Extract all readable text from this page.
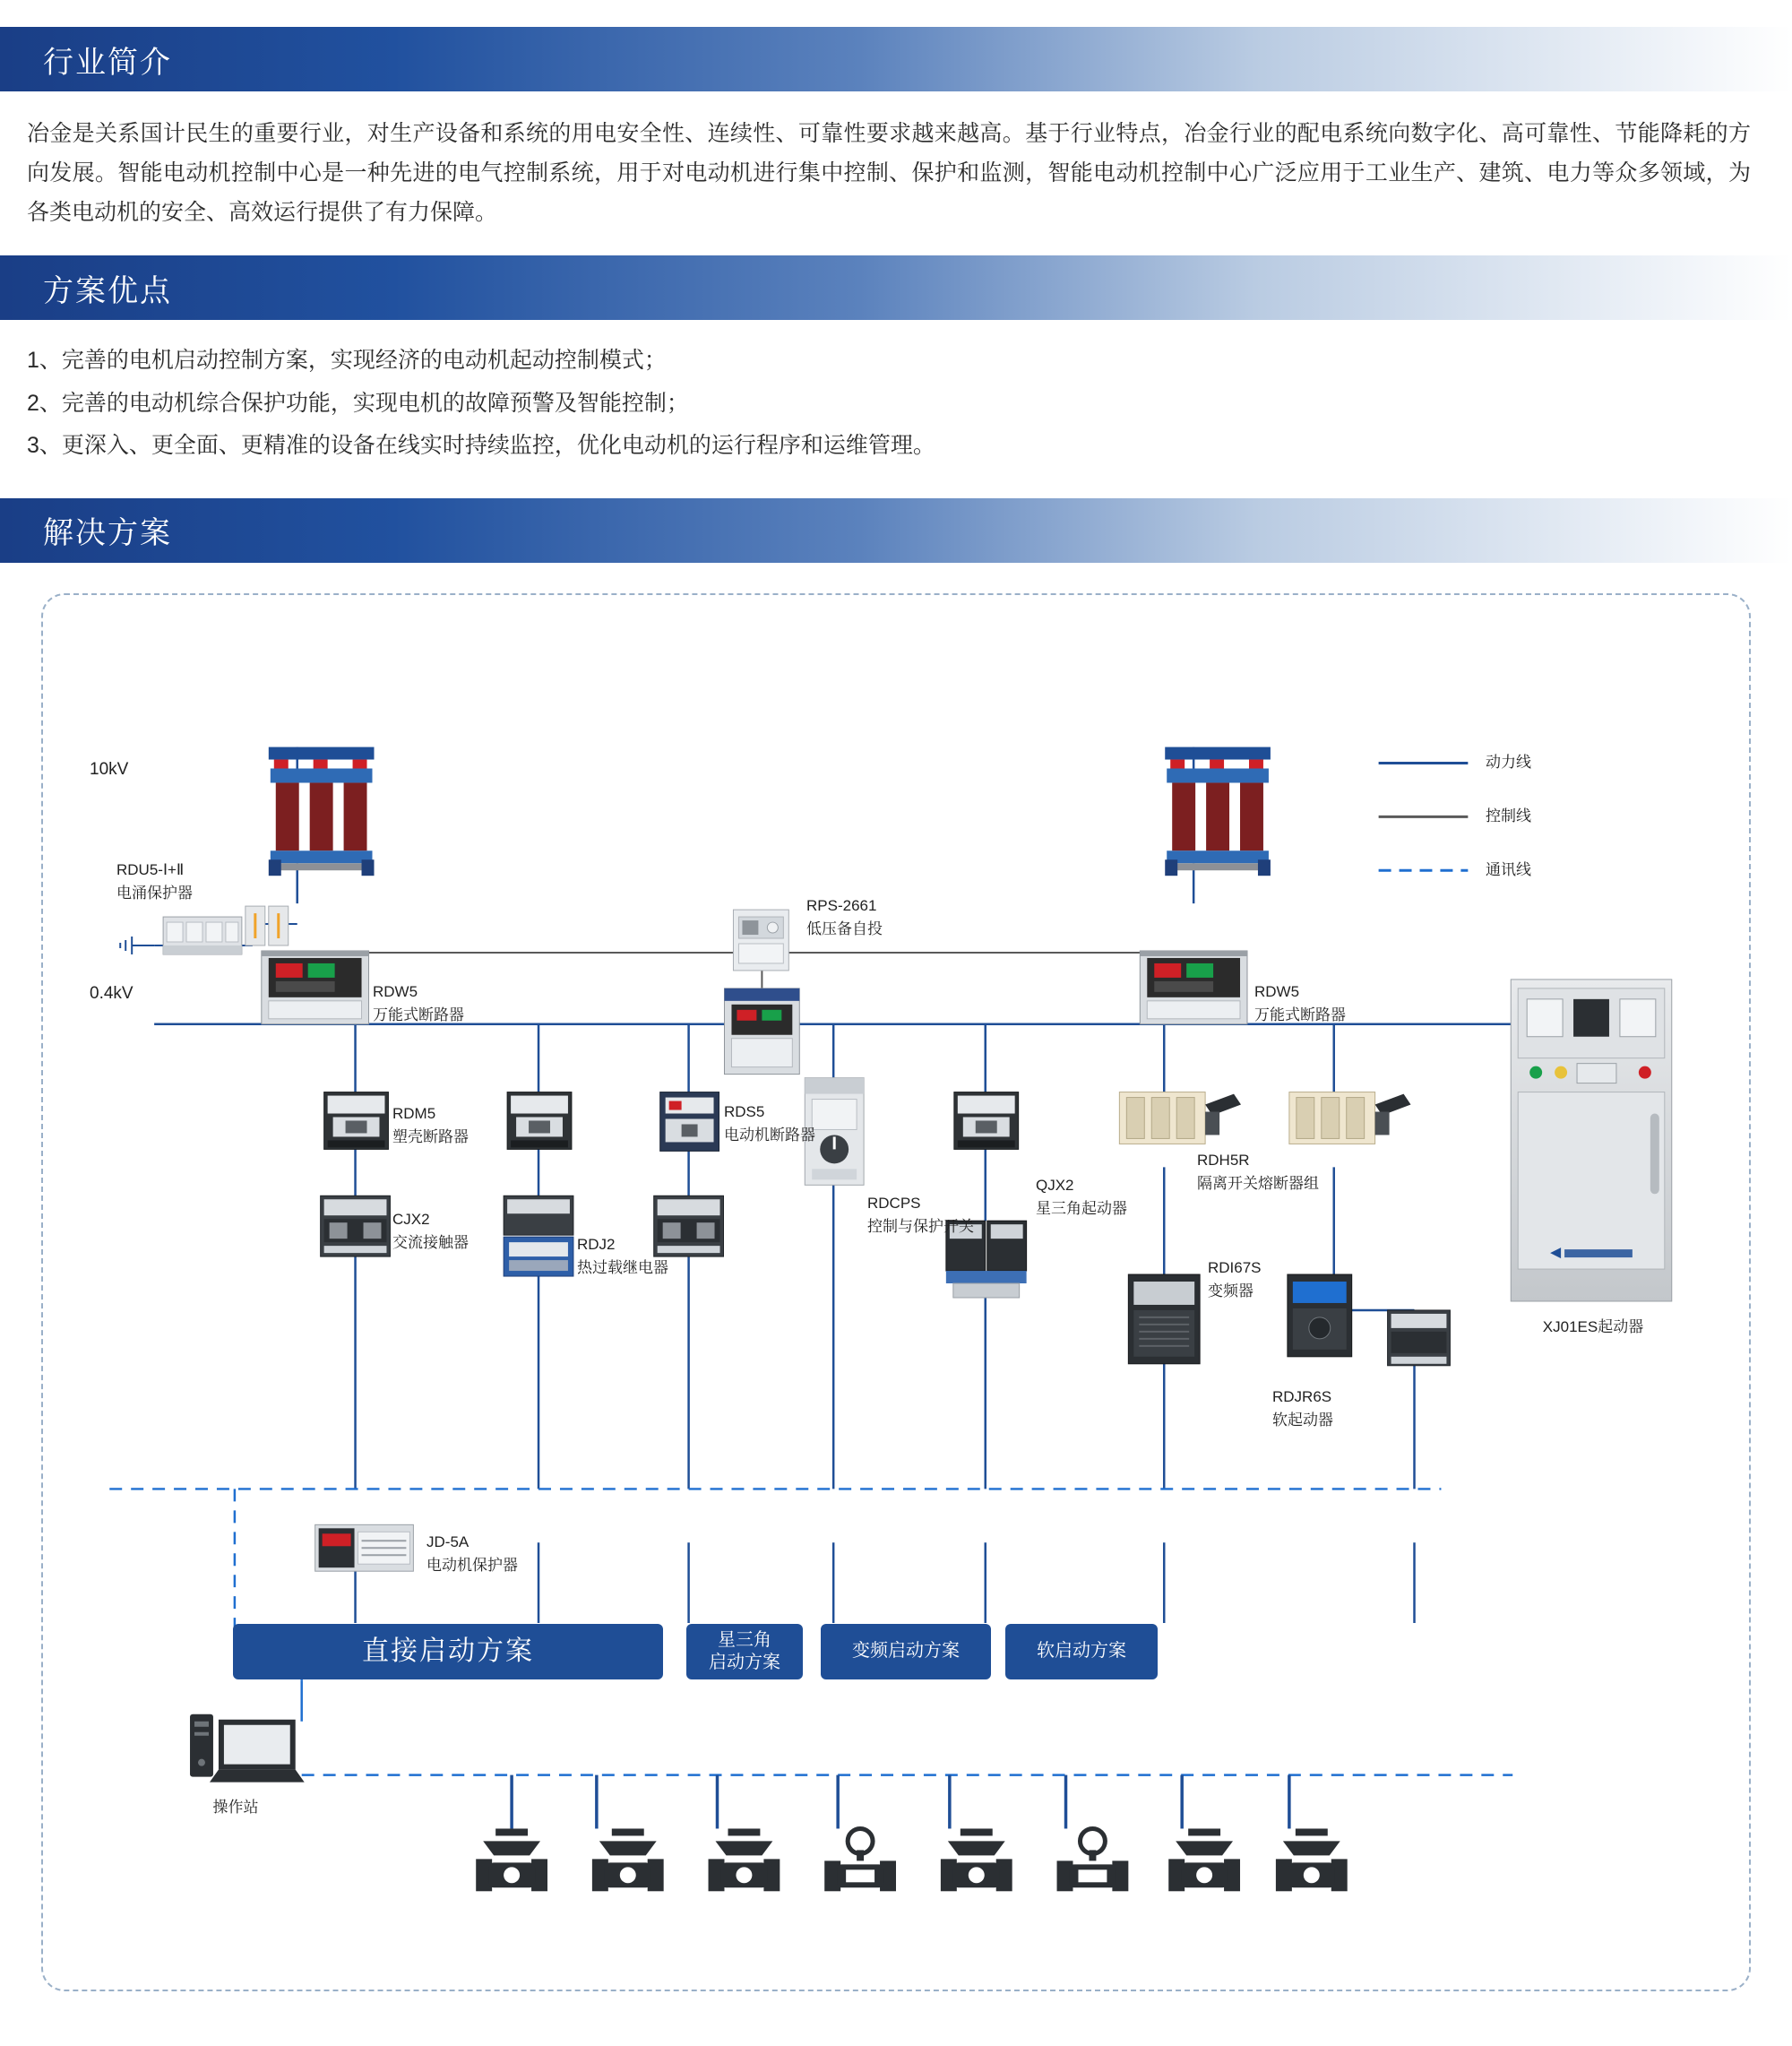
行业简介
冶金是关系国计民生的重要行业，对生产设备和系统的用电安全性、连续性、可靠性要求越来越高。基于行业特点，冶金行业的配电系统向数字化、高可靠性、节能降耗的方向发展。智能电动机控制中心是一种先进的电气控制系统，用于对电动机进行集中控制、保护和监测，智能电动机控制中心广泛应用于工业生产、建筑、电力等众多领域，为各类电动机的安全、高效运行提供了有力保障。
方案优点
1、完善的电机启动控制方案，实现经济的电动机起动控制模式；
2、完善的电动机综合保护功能，实现电机的故障预警及智能控制；
3、更深入、更全面、更精准的设备在线实时持续监控，优化电动机的运行程序和运维管理。
解决方案
10kV
0.4kV
RDU5-Ⅰ+Ⅱ
电涌保护器
RDW5
万能式断路器
RDW5
万能式断路器
RPS-2661
低压备自投
RDM5
塑壳断路器
CJX2
交流接触器	RDJ2
热过载继电器
RDS5
电动机断路器
RDCPS
控制与保护开关
QJX2
星三角起动器
RDH5R
隔离开关熔断器组
RDI67S
变频器
RDJR6S
软起动器
JD-5A
电动机保护器
XJ01ES起动器
操作站
动力线
控制线
通讯线
直接启动方案	星三角
启动方案
变频启动方案	软启动方案
